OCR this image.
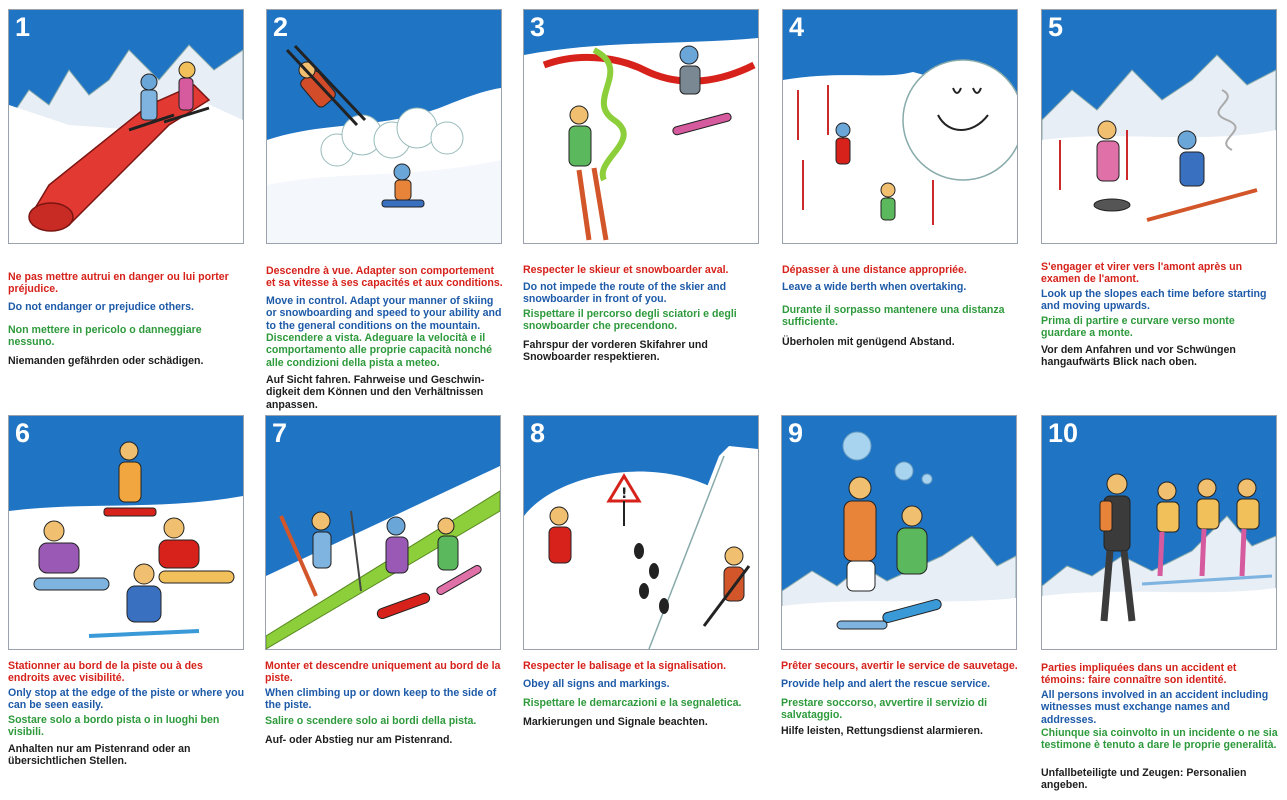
1

Ne pas mettre autrui en danger ou lui porter préjudice.

Do not endanger or prejudice others.

Non mettere in pericolo o danneggiare nessuno.

Niemanden gefährden oder schädigen.

2

Descendre à vue. Adapter son comportement et sa vitesse à ses capacités et aux conditions.

Move in control. Adapt your manner of skiing or snowboarding and speed to your ability and to the general conditions on the mountain.

Discendere a vista. Adeguare la velocità e il comportamento alle proprie capacità nonché alle condizioni della pista a meteo.

Auf Sicht fahren. Fahrweise und Geschwin-digkeit dem Können und den Verhältnissen anpassen.

3

Respecter le skieur et snowboarder aval.

Do not impede the route of the skier and snowboarder in front of you.

Rispettare il percorso degli sciatori e degli snowboarder che precendono.

Fahrspur der vorderen Skifahrer und Snowboarder respektieren.

4

Dépasser à une distance appropriée.

Leave a wide berth when overtaking.

Durante il sorpasso mantenere una distanza sufficiente.

Überholen mit genügend Abstand.

5

S'engager et virer vers l'amont après un examen de l'amont.

Look up the slopes each time before starting and moving upwards.

Prima di partire e curvare verso monte guardare a monte.

Vor dem Anfahren und vor Schwüngen hangaufwärts Blick nach oben.

6

Stationner au bord de la piste ou à des endroits avec visibilité.

Only stop at the edge of the piste or where you can be seen easily.

Sostare solo a bordo pista o in luoghi ben visibili.

Anhalten nur am Pistenrand oder an übersichtlichen Stellen.

7

Monter et descendre uniquement au bord de la piste.

When climbing up or down keep to the side of the piste.

Salire o scendere solo ai bordi della pista.

Auf- oder Abstieg nur am Pistenrand.

!
8

Respecter le balisage et la signalisation.

Obey all signs and markings.

Rispettare le demarcazioni e la segnaletica.

Markierungen und Signale beachten.

9

Prêter secours, avertir le service de sauvetage.

Provide help and alert the rescue service.

Prestare soccorso, avvertire il servizio di salvataggio.

Hilfe leisten, Rettungsdienst alarmieren.

10

Parties impliquées dans un accident et témoins: faire connaître son identité.

All persons involved in an accident including witnesses must exchange names and addresses.

Chiunque sia coinvolto in un incidente o ne sia testimone è tenuto a dare le proprie generalità.

Unfallbeteiligte und Zeugen: Personalien angeben.
